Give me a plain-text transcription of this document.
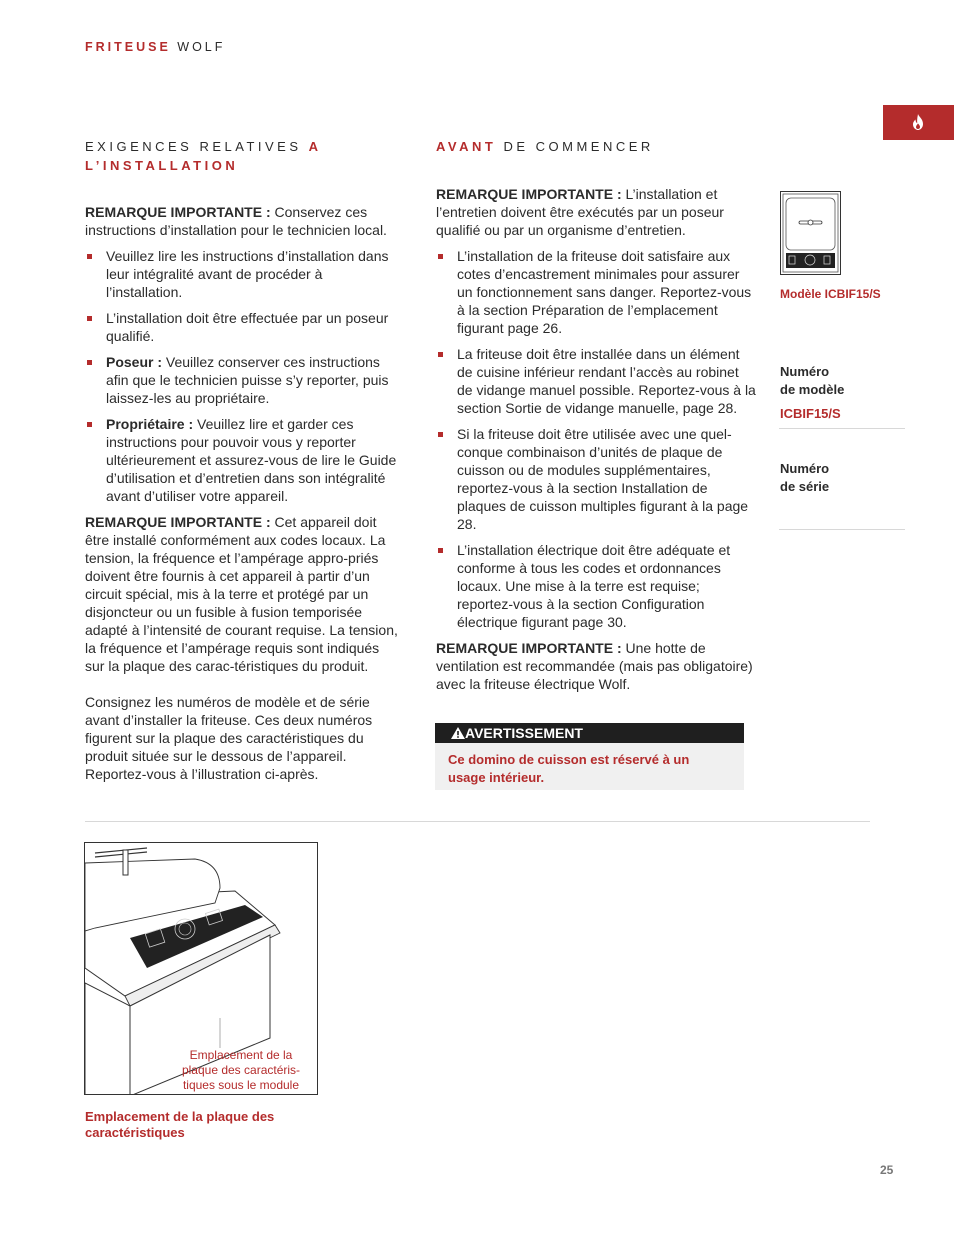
FRITEUSE WOLF
EXIGENCES RELATIVES A
L’INSTALLATION

REMARQUE IMPORTANTE : Conservez ces instructions d’installation pour le technicien local.

Veuillez lire les instructions d’installation dans leur intégralité avant de procéder à l’installation.
L’installation doit être effectuée par un poseur qualifié.
Poseur : Veuillez conserver ces instructions afin que le technicien puisse s’y reporter, puis laissez-les au propriétaire.
Propriétaire : Veuillez lire et garder ces instructions pour pouvoir vous y reporter ultérieurement et assurez-vous de lire le Guide d’utilisation et d’entretien dans son intégralité avant d’utiliser votre appareil.

REMARQUE IMPORTANTE : Cet appareil doit être installé conformément aux codes locaux. La tension, la fréquence et l’ampérage appro-priés doivent être fournis à cet appareil à partir d’un circuit spécial, mis à la terre et protégé par un disjoncteur ou un fusible à fusion temporisée adapté à l’intensité de courant requise. La tension, la fréquence et l’ampérage requis sont indiqués sur la plaque des carac-téristiques du produit.

Consignez les numéros de modèle et de série avant d’installer la friteuse. Ces deux numéros figurent sur la plaque des caractéristiques du produit située sur le dessous de l’appareil. Reportez-vous à l’illustration ci-après.

AVANT DE COMMENCER

REMARQUE IMPORTANTE : L’installation et l’entretien doivent être exécutés par un poseur qualifié ou par un organisme d’entretien.

L’installation de la friteuse doit satisfaire aux cotes d’encastrement minimales pour assurer un fonctionnement sans danger. Reportez-vous à la section Préparation de l’emplacement figurant page 26.
La friteuse doit être installée dans un élément de cuisine inférieur rendant l’accès au robinet de vidange manuel possible. Reportez-vous à la section Sortie de vidange manuelle, page 28.
Si la friteuse doit être utilisée avec une quel-conque combinaison d’unités de plaque de cuisson ou de modules supplémentaires, reportez-vous à la section Installation de plaques de cuisson multiples figurant à la page 28.
L’installation électrique doit être adéquate et conforme à tous les codes et ordonnances locaux. Une mise à la terre est requise; reportez-vous à la section Configuration électrique figurant page 30.

REMARQUE IMPORTANTE : Une hotte de ventilation est recommandée (mais pas obligatoire) avec la friteuse électrique Wolf.

AVERTISSEMENT
Ce domino de cuisson est réservé à un usage intérieur.
Modèle ICBIF15/S
Numéro
de modèle
ICBIF15/S
Numéro
de série
Emplacement de la plaque des caractéris-tiques sous le module
Emplacement de la plaque des caractéristiques
25
